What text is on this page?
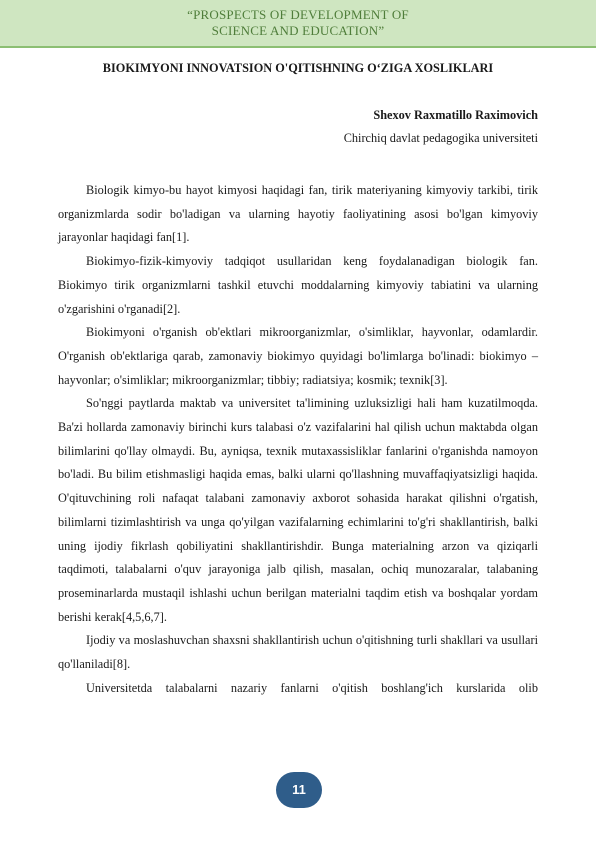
“PROSPECTS OF DEVELOPMENT OF
SCIENCE AND EDUCATION”
BIOKIMYONI INNOVATSION O'QITISHNING O‘ZIGA XOSLIKLARI
Shexov Raxmatillo Raximovich
Chirchiq davlat pedagogika universiteti

Biologik kimyo-bu hayot kimyosi haqidagi fan, tirik materiyaning kimyoviy tarkibi, tirik organizmlarda sodir bo'ladigan va ularning hayotiy faoliyatining asosi bo'lgan kimyoviy jarayonlar haqidagi fan[1].

Biokimyo-fizik-kimyoviy tadqiqot usullaridan keng foydalanadigan biologik fan. Biokimyo tirik organizmlarni tashkil etuvchi moddalarning kimyoviy tabiatini va ularning o'zgarishini o'rganadi[2].

Biokimyoni o'rganish ob'ektlari mikroorganizmlar, o'simliklar, hayvonlar, odamlardir. O'rganish ob'ektlariga qarab, zamonaviy biokimyo quyidagi bo'limlarga bo'linadi: biokimyo – hayvonlar; o'simliklar; mikroorganizmlar; tibbiy; radiatsiya; kosmik; texnik[3].

So'nggi paytlarda maktab va universitet ta'limining uzluksizligi hali ham kuzatilmoqda. Ba'zi hollarda zamonaviy birinchi kurs talabasi o'z vazifalarini hal qilish uchun maktabda olgan bilimlarini qo'llay olmaydi. Bu, ayniqsa, texnik mutaxassisliklar fanlarini o'rganishda namoyon bo'ladi. Bu bilim etishmasligi haqida emas, balki ularni qo'llashning muvaffaqiyatsizligi haqida. O'qituvchining roli nafaqat talabani zamonaviy axborot sohasida harakat qilishni o'rgatish, bilimlarni tizimlashtirish va unga qo'yilgan vazifalarning echimlarini to'g'ri shakllantirish, balki uning ijodiy fikrlash qobiliyatini shakllantirishdir. Bunga materialning arzon va qiziqarli taqdimoti, talabalarni o'quv jarayoniga jalb qilish, masalan, ochiq munozaralar, talabaning proseminarlarda mustaqil ishlashi uchun berilgan materialni taqdim etish va boshqalar yordam berishi kerak[4,5,6,7].

Ijodiy va moslashuvchan shaxsni shakllantirish uchun o'qitishning turli shakllari va usullari qo'llaniladi[8].

Universitetda talabalarni nazariy fanlarni o'qitish boshlang'ich kurslarida olib

11
